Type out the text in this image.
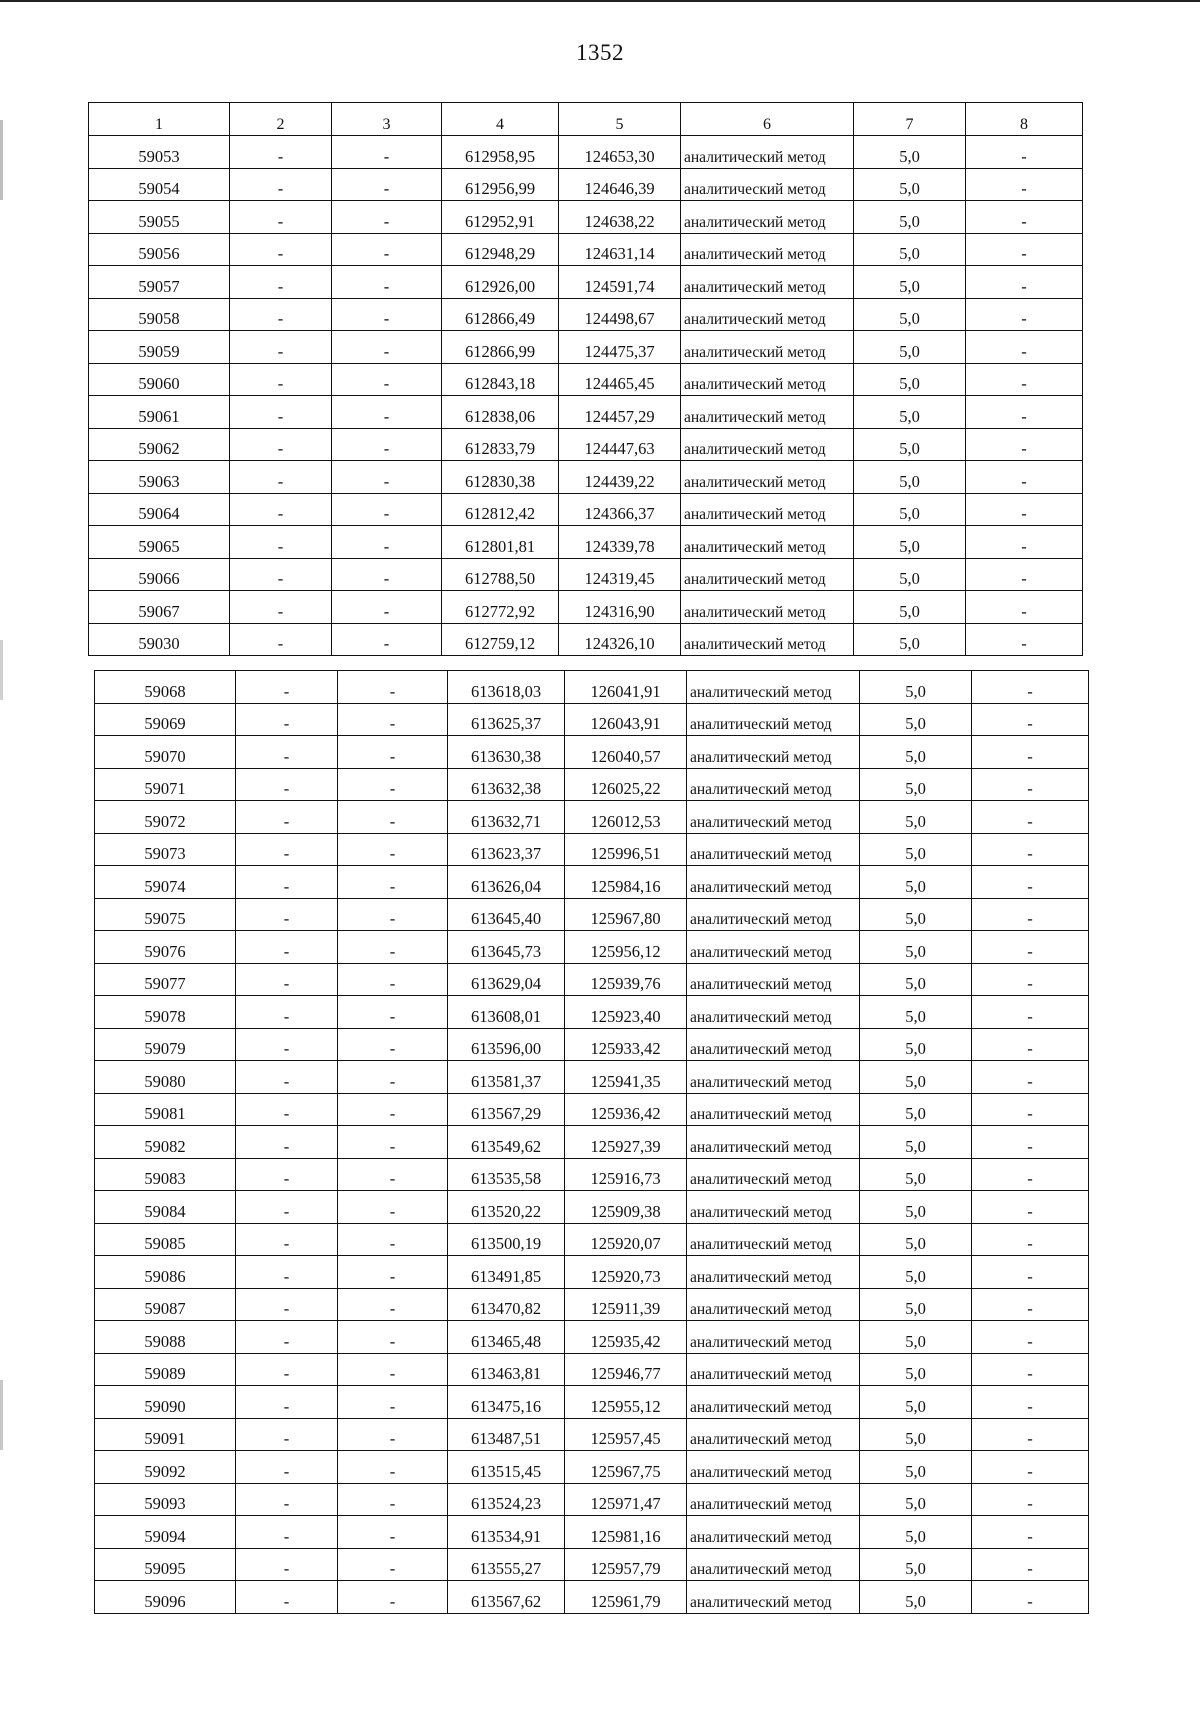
1352
1	2	3	4	5	6	7	8
59053	-	-	612958,95	124653,30	аналитический метод	5,0	-
59054	-	-	612956,99	124646,39	аналитический метод	5,0	-
59055	-	-	612952,91	124638,22	аналитический метод	5,0	-
59056	-	-	612948,29	124631,14	аналитический метод	5,0	-
59057	-	-	612926,00	124591,74	аналитический метод	5,0	-
59058	-	-	612866,49	124498,67	аналитический метод	5,0	-
59059	-	-	612866,99	124475,37	аналитический метод	5,0	-
59060	-	-	612843,18	124465,45	аналитический метод	5,0	-
59061	-	-	612838,06	124457,29	аналитический метод	5,0	-
59062	-	-	612833,79	124447,63	аналитический метод	5,0	-
59063	-	-	612830,38	124439,22	аналитический метод	5,0	-
59064	-	-	612812,42	124366,37	аналитический метод	5,0	-
59065	-	-	612801,81	124339,78	аналитический метод	5,0	-
59066	-	-	612788,50	124319,45	аналитический метод	5,0	-
59067	-	-	612772,92	124316,90	аналитический метод	5,0	-
59030	-	-	612759,12	124326,10	аналитический метод	5,0	-
59068	-	-	613618,03	126041,91	аналитический метод	5,0	-
59069	-	-	613625,37	126043,91	аналитический метод	5,0	-
59070	-	-	613630,38	126040,57	аналитический метод	5,0	-
59071	-	-	613632,38	126025,22	аналитический метод	5,0	-
59072	-	-	613632,71	126012,53	аналитический метод	5,0	-
59073	-	-	613623,37	125996,51	аналитический метод	5,0	-
59074	-	-	613626,04	125984,16	аналитический метод	5,0	-
59075	-	-	613645,40	125967,80	аналитический метод	5,0	-
59076	-	-	613645,73	125956,12	аналитический метод	5,0	-
59077	-	-	613629,04	125939,76	аналитический метод	5,0	-
59078	-	-	613608,01	125923,40	аналитический метод	5,0	-
59079	-	-	613596,00	125933,42	аналитический метод	5,0	-
59080	-	-	613581,37	125941,35	аналитический метод	5,0	-
59081	-	-	613567,29	125936,42	аналитический метод	5,0	-
59082	-	-	613549,62	125927,39	аналитический метод	5,0	-
59083	-	-	613535,58	125916,73	аналитический метод	5,0	-
59084	-	-	613520,22	125909,38	аналитический метод	5,0	-
59085	-	-	613500,19	125920,07	аналитический метод	5,0	-
59086	-	-	613491,85	125920,73	аналитический метод	5,0	-
59087	-	-	613470,82	125911,39	аналитический метод	5,0	-
59088	-	-	613465,48	125935,42	аналитический метод	5,0	-
59089	-	-	613463,81	125946,77	аналитический метод	5,0	-
59090	-	-	613475,16	125955,12	аналитический метод	5,0	-
59091	-	-	613487,51	125957,45	аналитический метод	5,0	-
59092	-	-	613515,45	125967,75	аналитический метод	5,0	-
59093	-	-	613524,23	125971,47	аналитический метод	5,0	-
59094	-	-	613534,91	125981,16	аналитический метод	5,0	-
59095	-	-	613555,27	125957,79	аналитический метод	5,0	-
59096	-	-	613567,62	125961,79	аналитический метод	5,0	-
